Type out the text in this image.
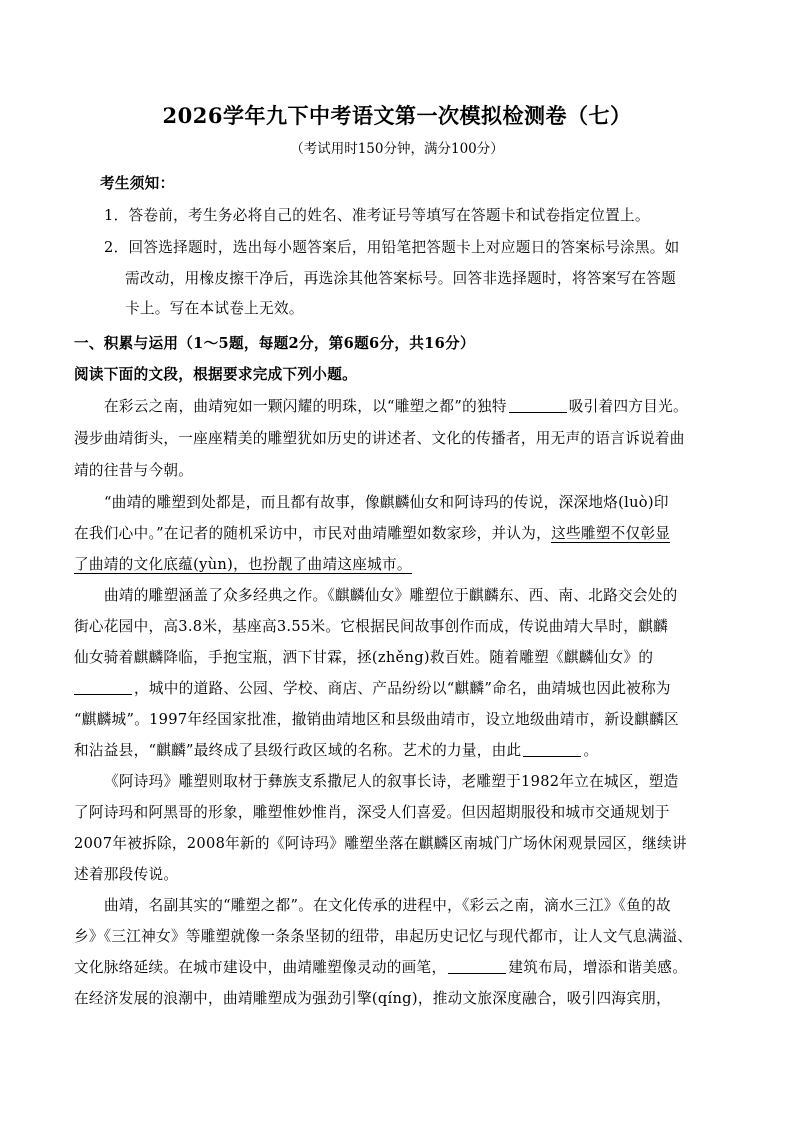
2026学年九下中考语文第一次模拟检测卷（七）
（考试用时150分钟，满分100分）
考生须知：
1．答卷前，考生务必将自己的姓名、准考证号等填写在答题卡和试卷指定位置上。
2．回答选择题时，选出每小题答案后，用铅笔把答题卡上对应题日的答案标号涂黑。如
需改动，用橡皮擦干净后，再选涂其他答案标号。回答非选择题时，将答案写在答题
卡上。写在本试卷上无效。
一、积累与运用（1～5题，每题2分，第6题6分，共16分）
阅读下面的文段，根据要求完成下列小题。
在彩云之南，曲靖宛如一颗闪耀的明珠，以“雕塑之都”的独特	吸引着四方目光。
漫步曲靖街头，一座座精美的雕塑犹如历史的讲述者、文化的传播者，用无声的语言诉说着曲
靖的往昔与今朝。
“曲靖的雕塑到处都是，而且都有故事，像麒麟仙女和阿诗玛的传说，深深地烙(luò)印
在我们心中。”在记者的随机采访中，市民对曲靖雕塑如数家珍，并认为，这些雕塑不仅彰显
了曲靖的文化底蕴(yùn)，也扮靓了曲靖这座城市。
曲靖的雕塑涵盖了众多经典之作。《麒麟仙女》雕塑位于麒麟东、西、南、北路交会处的
街心花园中，高3.8米，基座高3.55米。它根据民间故事创作而成，传说曲靖大旱时，麒麟
仙女骑着麒麟降临，手抱宝瓶，洒下甘霖，拯(zhěng)救百姓。随着雕塑《麒麟仙女》的
，城中的道路、公园、学校、商店、产品纷纷以“麒麟”命名，曲靖城也因此被称为
“麒麟城”。1997年经国家批准，撤销曲靖地区和县级曲靖市，设立地级曲靖市，新设麒麟区
和沾益县，“麒麟”最终成了县级行政区域的名称。艺术的力量，由此	。
《阿诗玛》雕塑则取材于彝族支系撒尼人的叙事长诗，老雕塑于1982年立在城区，塑造
了阿诗玛和阿黑哥的形象，雕塑惟妙惟肖，深受人们喜爱。但因超期服役和城市交通规划于
2007年被拆除，2008年新的《阿诗玛》雕塑坐落在麒麟区南城门广场休闲观景园区，继续讲
述着那段传说。
曲靖，名副其实的“雕塑之都”。在文化传承的进程中，《彩云之南，滴水三江》《鱼的故
乡》《三江神女》等雕塑就像一条条坚韧的纽带，串起历史记忆与现代都市，让人文气息满溢、
文化脉络延续。在城市建设中，曲靖雕塑像灵动的画笔，	建筑布局，增添和谐美感。
在经济发展的浪潮中，曲靖雕塑成为强劲引擎(qíng)，推动文旅深度融合，吸引四海宾朋，
